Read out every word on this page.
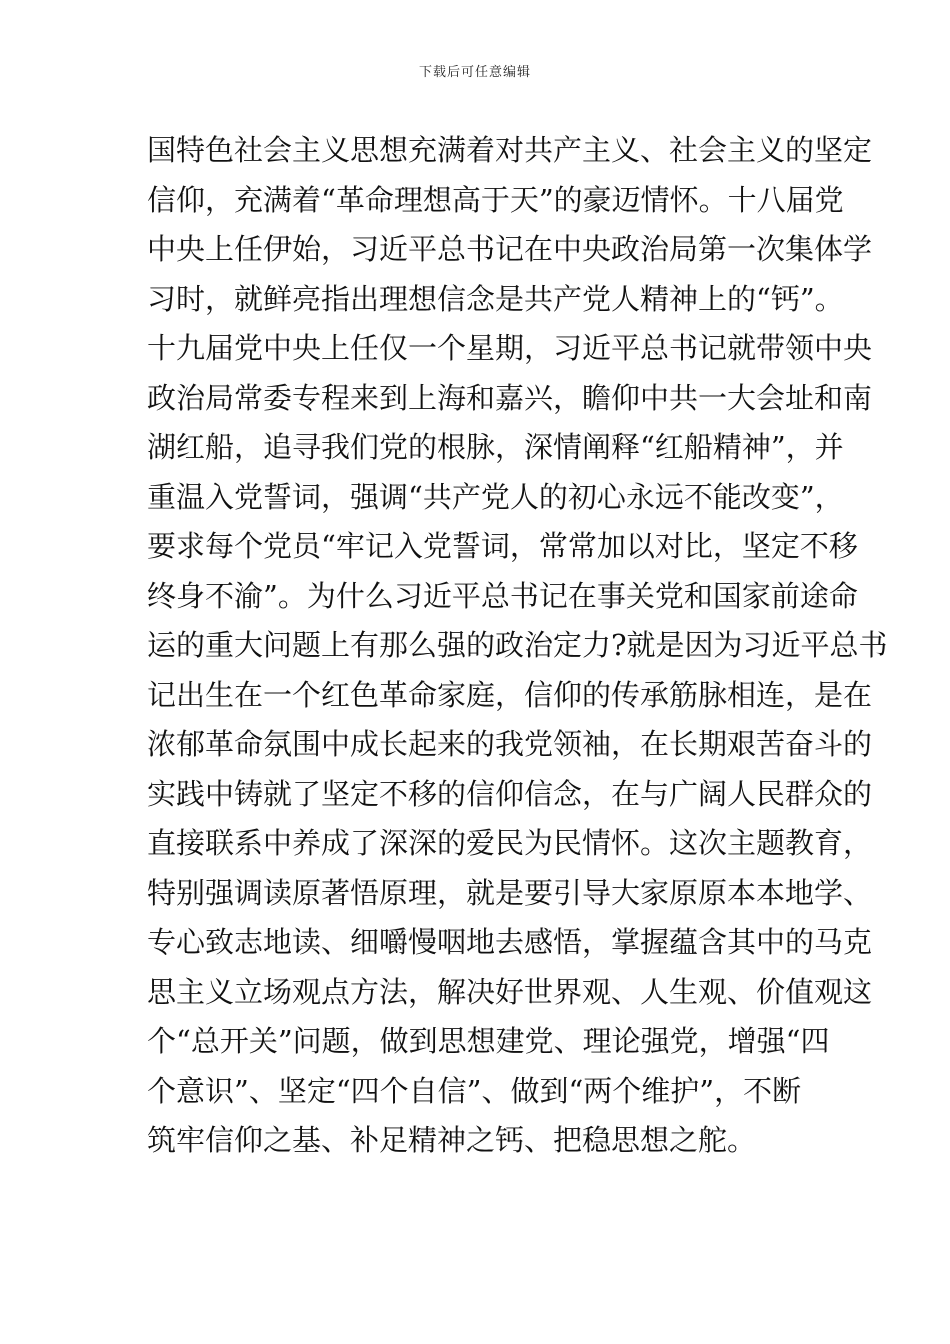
下载后可任意编辑
国特色社会主义思想充满着对共产主义、社会主义的坚定
信仰，充满着“革命理想高于天”的豪迈情怀。十八届党
中央上任伊始，习近平总书记在中央政治局第一次集体学
习时，就鲜亮指出理想信念是共产党人精神上的“钙”。
十九届党中央上任仅一个星期，习近平总书记就带领中央
政治局常委专程来到上海和嘉兴，瞻仰中共一大会址和南
湖红船，追寻我们党的根脉，深情阐释“红船精神”，并
重温入党誓词，强调“共产党人的初心永远不能改变”，
要求每个党员“牢记入党誓词，常常加以对比，坚定不移
终身不渝”。为什么习近平总书记在事关党和国家前途命
运的重大问题上有那么强的政治定力?就是因为习近平总书
记出生在一个红色革命家庭，信仰的传承筋脉相连，是在
浓郁革命氛围中成长起来的我党领袖，在长期艰苦奋斗的
实践中铸就了坚定不移的信仰信念，在与广阔人民群众的
直接联系中养成了深深的爱民为民情怀。这次主题教育，
特别强调读原著悟原理，就是要引导大家原原本本地学、
专心致志地读、细嚼慢咽地去感悟，掌握蕴含其中的马克
思主义立场观点方法，解决好世界观、人生观、价值观这
个“总开关”问题，做到思想建党、理论强党，增强“四
个意识”、坚定“四个自信”、做到“两个维护”，不断
筑牢信仰之基、补足精神之钙、把稳思想之舵。
